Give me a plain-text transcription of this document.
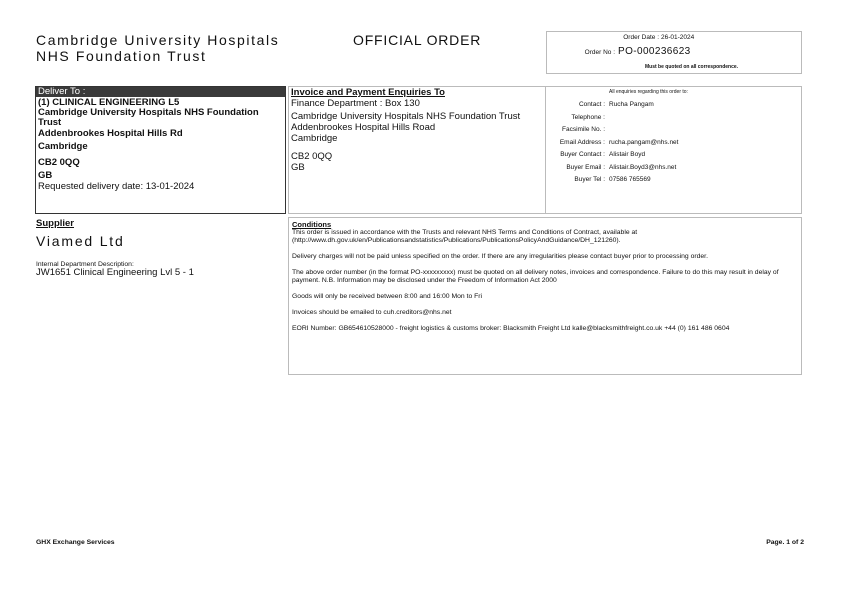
Cambridge University Hospitals
NHS Foundation Trust
OFFICIAL ORDER	Order Date : 26-01-2024
Order No : PO-000236623
Must be quoted on all correspondence.
Deliver To :
(1) CLINICAL ENGINEERING L5
Cambridge University Hospitals NHS Foundation
Trust
Addenbrookes Hospital Hills Rd
Cambridge
CB2 0QQ
GB
Requested delivery date: 13-01-2024
Invoice and Payment Enquiries To
Finance Department : Box 130
Cambridge University Hospitals NHS Foundation Trust
Addenbrookes Hospital Hills Road
Cambridge
CB2 0QQ
GB
All enquiries regarding this order to:
Contact : Rucha Pangam
Telephone :
Facsimile No. :
Email Address : rucha.pangam@nhs.net
Buyer Contact : Alistair Boyd
Buyer Email : Alistair.Boyd3@nhs.net
Buyer Tel : 07586 765569
Supplier
Viamed Ltd
Internal Department Description:
JW1651 Clinical Engineering Lvl 5 - 1
Conditions

This order is issued in accordance with the Trusts and relevant NHS Terms and Conditions of Contract, available at (http://www.dh.gov.uk/en/Publicationsandstatistics/Publications/PublicationsPolicyAndGuidance/DH_121260).

Delivery charges will not be paid unless specified on the order. If there are any irregularities please contact buyer prior to processing order.

The above order number (in the format PO-xxxxxxxxx) must be quoted on all delivery notes, invoices and correspondence. Failure to do this may result in delay of payment. N.B. Information may be disclosed under the Freedom of Information Act 2000

Goods will only be received between 8:00 and 16:00 Mon to Fri

Invoices should be emailed to cuh.creditors@nhs.net

EORI Number: GB654610528000 - freight logistics & customs broker: Blacksmith Freight Ltd kalle@blacksmithfreight.co.uk +44 (0) 161 486 0604

GHX Exchange Services	Page. 1 of 2
